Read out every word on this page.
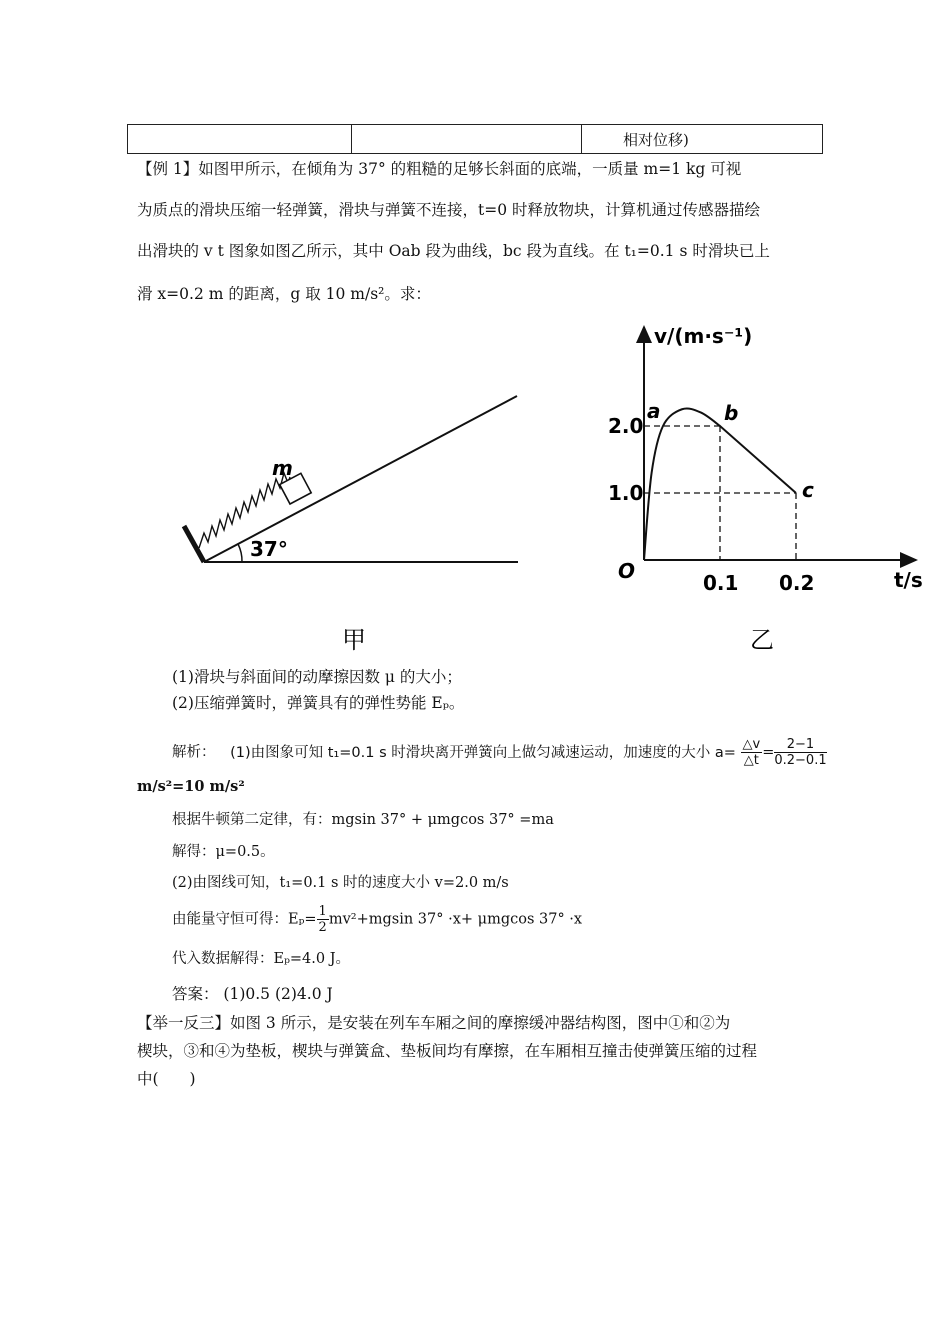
相对位移)
【例 1】如图甲所示，在倾角为 37° 的粗糙的足够长斜面的底端，一质量 m=1 kg 可视
为质点的滑块压缩一轻弹簧，滑块与弹簧不连接，t=0 时释放物块，计算机通过传感器描绘
出滑块的 v t 图象如图乙所示，其中 Oab 段为曲线，bc 段为直线。在 t₁=0.1 s 时滑块已上
滑 x=0.2 m 的距离，g 取 10 m/s²。求：
37°
m
甲
v/(m·s⁻¹)
t/s
O
1.0
2.0
0.1 0.2
a	b
c
乙
(1)滑块与斜面间的动摩擦因数 μ 的大小；
(2)压缩弹簧时，弹簧具有的弹性势能 Eₚ。
解析： (1)由图象可知 t₁=0.1 s 时滑块离开弹簧向上做匀减速运动，加速度的大小 $a= \frac{\triangle v}{\triangle t} = \frac{2-1}{0.2-0.1}$
m/s²=10 m/s²
根据牛顿第二定律，有：mgsin 37° + μmgcos 37° =ma
解得：μ=0.5。
(2)由图线可知，t₁=0.1 s 时的速度大小 v=2.0 m/s
由能量守恒可得：$E_p= \frac{1}{2} mv^2+mgsin$ 37° ·x+ μmgcos 37° ·x
代入数据解得：Eₚ=4.0 J。
答案： (1)0.5 (2)4.0 J
【举一反三】如图 3 所示，是安装在列车车厢之间的摩擦缓冲器结构图，图中①和②为
楔块，③和④为垫板，楔块与弹簧盒、垫板间均有摩擦，在车厢相互撞击使弹簧压缩的过程
中(　　)
